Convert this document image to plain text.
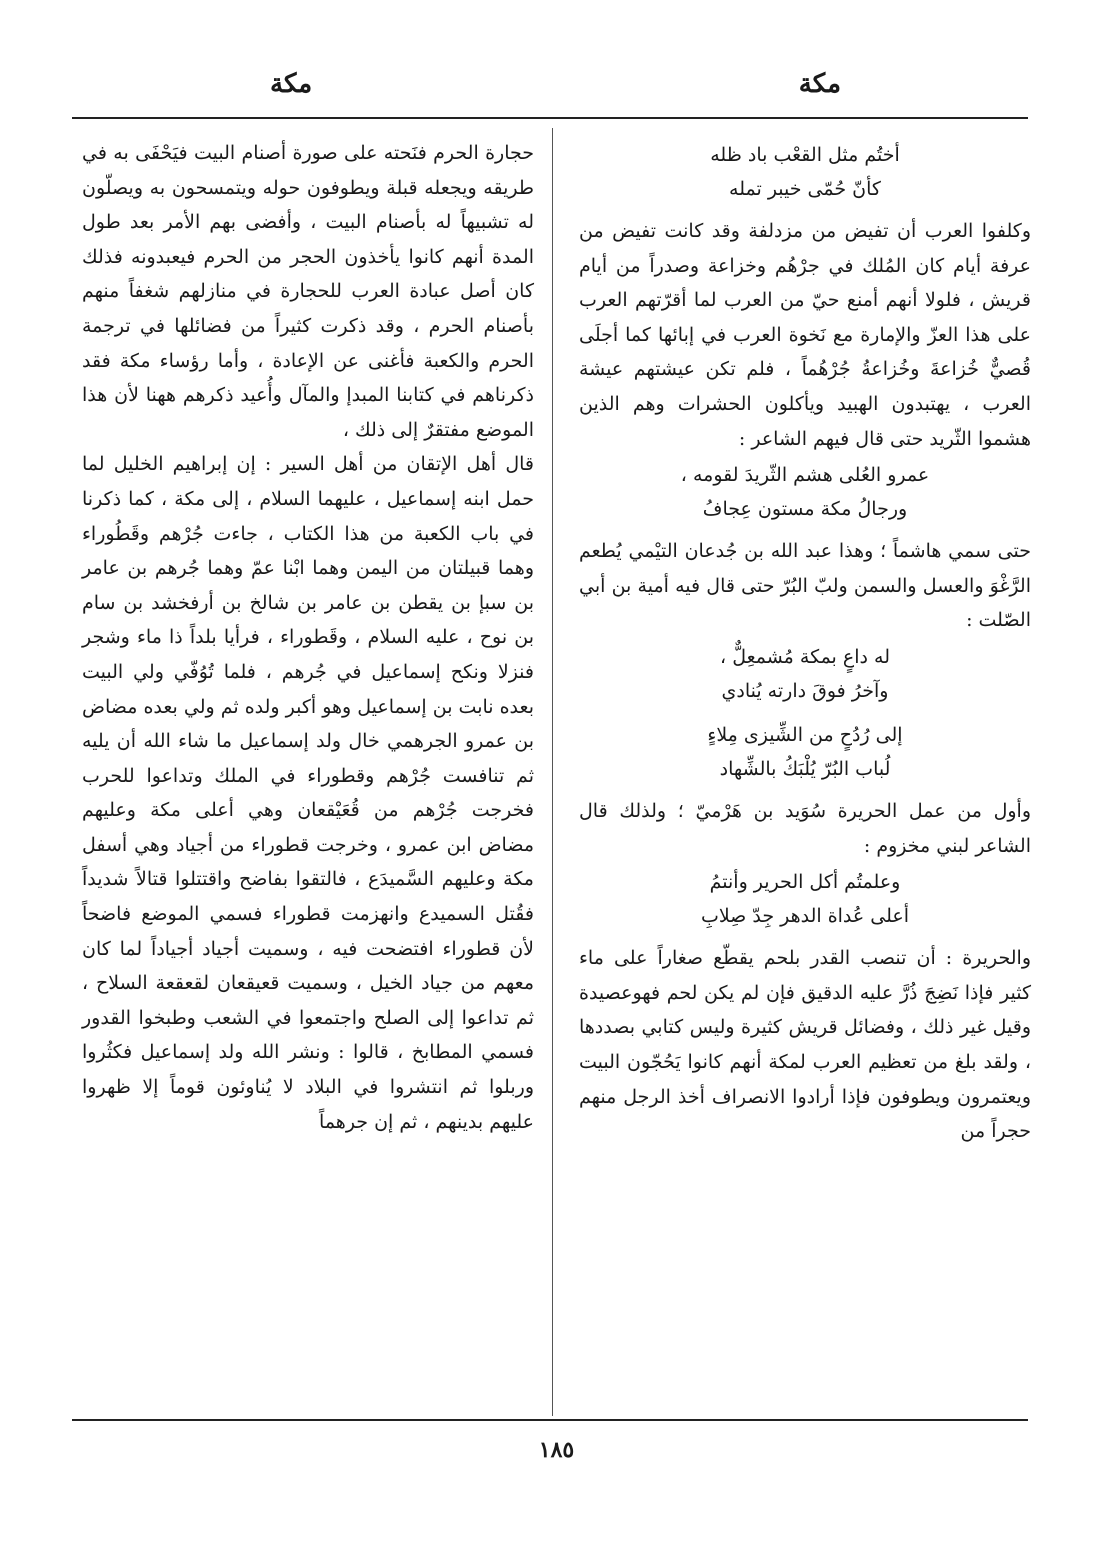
مكة
مكة

أختُم مثل القعْب باد ظله

كأنّ حُمّى خيبر تمله

وكلفوا العرب أن تفيض من مزدلفة وقد كانت تفيض من عرفة أيام كان المُلك في جرْهُم وخزاعة وصدراً من أيام قريش ، فلولا أنهم أمنع حيّ من العرب لما أقرّتهم العرب على هذا العزّ والإمارة مع نَخوة العرب في إبائها كما أجلَى قُصيٌّ خُزاعةَ وخُزاعةُ جُرْهُماً ، فلم تكن عيشتهم عيشة العرب ، يهتبدون الهبيد ويأكلون الحشرات وهم الذين هشموا الثّريد حتى قال فيهم الشاعر :

عمرو العُلى هشم الثّريدَ لقومه ،

ورجالُ مكة مستون عِجافُ

حتى سمي هاشماً ؛ وهذا عبد الله بن جُدعان التيْمي يُطعم الرَّغْوَ والعسل والسمن ولبّ البُرّ حتى قال فيه أمية بن أبي الصّلت :

له داعٍ بمكة مُشمعِلٌّ ،

وآخرُ فوقَ دارته يُنادي

إلى رُدُحٍ من الشِّيزى مِلاءٍ

لُباب البُرّ يُلْبَكُ بالشِّهاد

وأول من عمل الحريرة سُوَيد بن هَرْميّ ؛ ولذلك قال الشاعر لبني مخزوم :

وعلمتُم أكل الحرير وأنتمُ

أعلى عُداة الدهر جِدّ صِلابِ

والحريرة : أن تنصب القدر بلحم يقطّع صغاراً على ماء كثير فإذا نَضِجَ ذُرَّ عليه الدقيق فإن لم يكن لحم فهوعصيدة وقيل غير ذلك ، وفضائل قريش كثيرة وليس كتابي بصددها ، ولقد بلغ من تعظيم العرب لمكة أنهم كانوا يَحُجّون البيت ويعتمرون ويطوفون فإذا أرادوا الانصراف أخذ الرجل منهم حجراً من

حجارة الحرم فنَحته على صورة أصنام البيت فيَحْفَى به في طريقه ويجعله قبلة ويطوفون حوله ويتمسحون به ويصلّون له تشبيهاً له بأصنام البيت ، وأفضى بهم الأمر بعد طول المدة أنهم كانوا يأخذون الحجر من الحرم فيعبدونه فذلك كان أصل عبادة العرب للحجارة في منازلهم شغفاً منهم بأصنام الحرم ، وقد ذكرت كثيراً من فضائلها في ترجمة الحرم والكعبة فأغنى عن الإعادة ، وأما رؤساء مكة فقد ذكرناهم في كتابنا المبدإ والمآل وأُعيد ذكرهم ههنا لأن هذا الموضع مفتقرٌ إلى ذلك ،

قال أهل الإتقان من أهل السير : إن إبراهيم الخليل لما حمل ابنه إسماعيل ، عليهما السلام ، إلى مكة ، كما ذكرنا في باب الكعبة من هذا الكتاب ، جاءت جُرْهم وقَطُوراء وهما قبيلتان من اليمن وهما ابْنا عمّ وهما جُرهم بن عامر بن سبإ بن يقطن بن عامر بن شالخ بن أرفخشد بن سام بن نوح ، عليه السلام ، وقَطوراء ، فرأيا بلداً ذا ماء وشجر فنزلا ونكح إسماعيل في جُرهم ، فلما تُوُفّي ولي البيت بعده نابت بن إسماعيل وهو أكبر ولده ثم ولي بعده مضاض بن عمرو الجرهمي خال ولد إسماعيل ما شاء الله أن يليه ثم تنافست جُرْهم وقطوراء في الملك وتداعوا للحرب فخرجت جُرْهم من قُعَيْقعان وهي أعلى مكة وعليهم مضاض ابن عمرو ، وخرجت قطوراء من أجياد وهي أسفل مكة وعليهم السَّميدَع ، فالتقوا بفاضح واقتتلوا قتالاً شديداً فقُتل السميدع وانهزمت قطوراء فسمي الموضع فاضحاً لأن قطوراء افتضحت فيه ، وسميت أجياد أجياداً لما كان معهم من جياد الخيل ، وسميت قعيقعان لقعقعة السلاح ، ثم تداعوا إلى الصلح واجتمعوا في الشعب وطبخوا القدور فسمي المطابخ ، قالوا : ونشر الله ولد إسماعيل فكثُروا وربلوا ثم انتشروا في البلاد لا يُناوئون قوماً إلا ظهروا عليهم بدينهم ، ثم إن جرهماً

١٨٥
